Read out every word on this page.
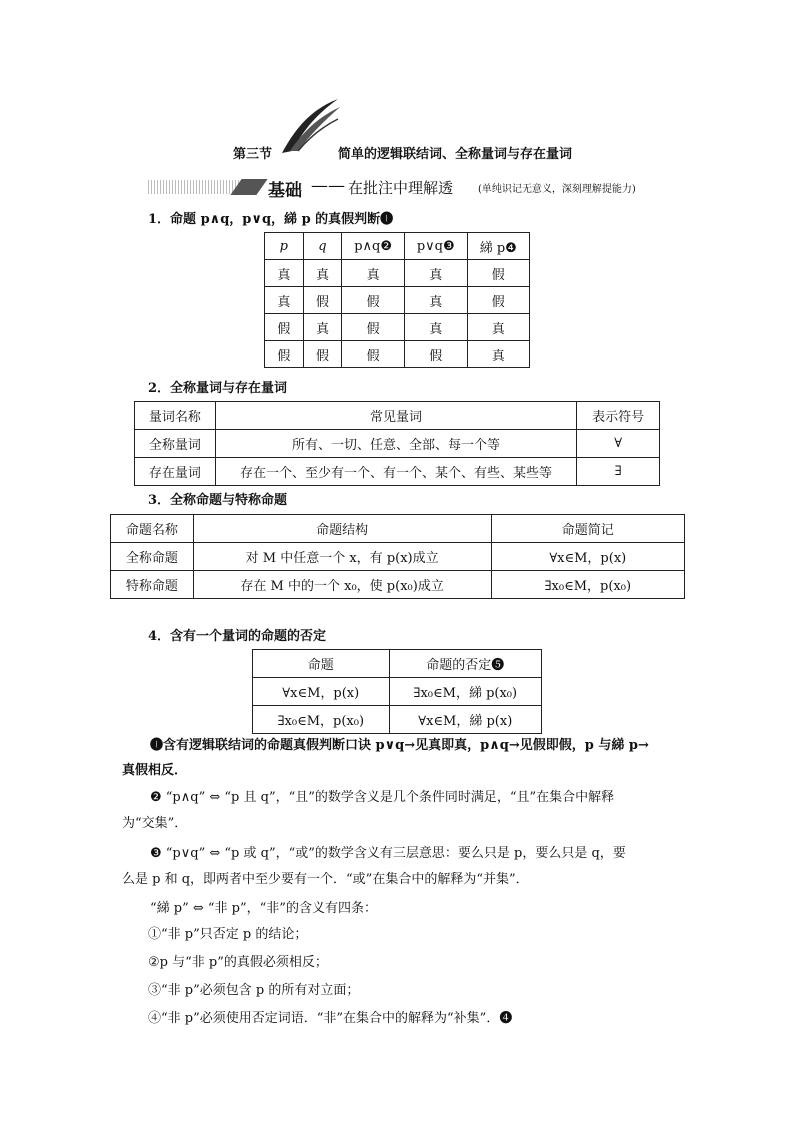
第三节	简单的逻辑联结词、全称量词与存在量词
基础 —— 在批注中理解透 (单纯识记无意义，深刻理解提能力)
1．命题 p∧q，p∨q，綈 p 的真假判断❶
p	q	p∧q❷	p∨q❸	綈 p❹
真	真	真	真	假
真	假	假	真	假
假	真	假	真	真
假	假	假	假	真
2．全称量词与存在量词
量词名称	常见量词	表示符号
全称量词	所有、一切、任意、全部、每一个等	∀
存在量词	存在一个、至少有一个、有一个、某个、有些、某些等	∃
3．全称命题与特称命题
命题名称	命题结构	命题简记
全称命题	对 M 中任意一个 x，有 p(x)成立	∀x∈M，p(x)
特称命题	存在 M 中的一个 x₀，使 p(x₀)成立	∃x₀∈M，p(x₀)
4．含有一个量词的命题的否定
命题	命题的否定❺
∀x∈M，p(x)	∃x₀∈M，綈 p(x₀)
∃x₀∈M，p(x₀)	∀x∈M，綈 p(x)
❶含有逻辑联结词的命题真假判断口诀 p∨q→见真即真，p∧q→见假即假，p 与綈 p→
真假相反．
❷ “p∧q” ⇔ “p 且 q”，“且”的数学含义是几个条件同时满足，“且”在集合中解释
为“交集”．
❸ “p∨q” ⇔ “p 或 q”，“或”的数学含义有三层意思：要么只是 p，要么只是 q，要
么是 p 和 q，即两者中至少要有一个．“或”在集合中的解释为“并集”．
“綈 p” ⇔ “非 p”，“非”的含义有四条：
①“非 p”只否定 p 的结论；
②p 与“非 p”的真假必须相反；
③“非 p”必须包含 p 的所有对立面；
④“非 p”必须使用否定词语．“非”在集合中的解释为“补集”．❹
